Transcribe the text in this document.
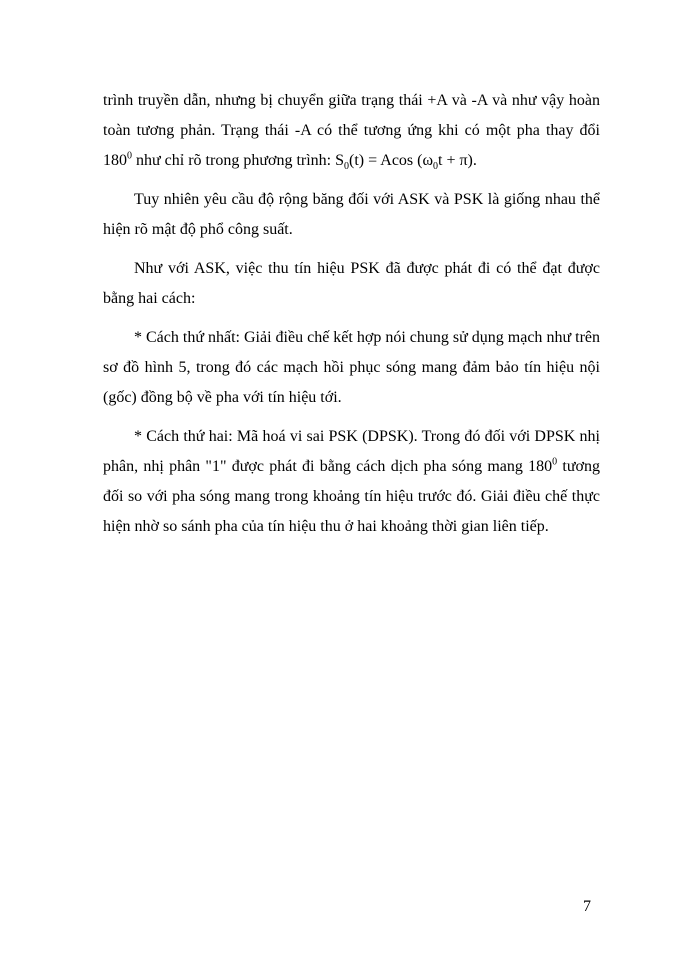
trình truyền dẫn, nhưng bị chuyển giữa trạng thái +A và -A và như vậy hoàn toàn tương phản. Trạng thái -A có thể tương ứng khi có một pha thay đổi $180^0$ như chỉ rõ trong phương trình: $S_0(t) = Acos$ $(\omega_0t + \pi)$.

Tuy nhiên yêu cầu độ rộng băng đối với ASK và PSK là giống nhau thể hiện rõ mật độ phổ công suất.

Như với ASK, việc thu tín hiệu PSK đã được phát đi có thể đạt được bằng hai cách:

* Cách thứ nhất: Giải điều chế kết hợp nói chung sử dụng mạch như trên sơ đồ hình 5, trong đó các mạch hồi phục sóng mang đảm bảo tín hiệu nội (gốc) đồng bộ về pha với tín hiệu tới.

* Cách thứ hai: Mã hoá vi sai PSK (DPSK). Trong đó đối với DPSK nhị phân, nhị phân "1" được phát đi bằng cách dịch pha sóng mang $180^0$ tương đối so với pha sóng mang trong khoảng tín hiệu trước đó. Giải điều chế thực hiện nhờ so sánh pha của tín hiệu thu ở hai khoảng thời gian liên tiếp.

7
